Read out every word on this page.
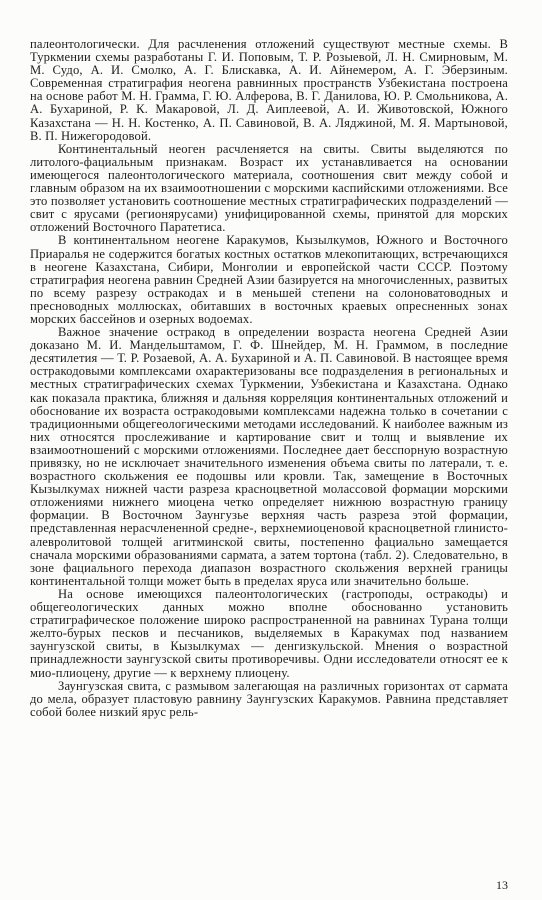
палеонтологически. Для расчленения отложений существуют местные схемы. В Туркмении схемы разработаны Г. И. Поповым, Т. Р. Розыевой, Л. Н. Смирновым, М. М. Судо, А. И. Смолко, А. Г. Блискавка, А. И. Айнемером, А. Г. Эберзиным. Современная стратиграфия неогена равнинных пространств Узбекистана построена на основе работ М. Н. Грамма, Г. Ю. Алферова, В. Г. Данилова, Ю. Р. Смольникова, А. А. Бухариной, Р. К. Макаровой, Л. Д. Аиплеевой, А. И. Животовской, Южного Казахстана — Н. Н. Костенко, А. П. Савиновой, В. А. Ляджиной, М. Я. Мартыновой, В. П. Нижегородовой.

Континентальный неоген расчленяется на свиты. Свиты выделяются по литолого-фациальным признакам. Возраст их устанавливается на основании имеющегося палеонтологического материала, соотношения свит между собой и главным образом на их взаимоотношении с морскими каспийскими отложениями. Все это позволяет установить соотношение местных стратиграфических подразделений — свит с ярусами (регионярусами) унифицированной схемы, принятой для морских отложений Восточного Паратетиса.

В континентальном неогене Каракумов, Кызылкумов, Южного и Восточного Приаралья не содержится богатых костных остатков млекопитающих, встречающихся в неогене Казахстана, Сибири, Монголии и европейской части СССР. Поэтому стратиграфия неогена равнин Средней Азии базируется на многочисленных, развитых по всему разрезу остракодах и в меньшей степени на солоноватоводных и пресноводных моллюсках, обитавших в восточных краевых опресненных зонах морских бассейнов и озерных водоемах.

Важное значение остракод в определении возраста неогена Средней Азии доказано М. И. Мандельштамом, Г. Ф. Шнейдер, М. Н. Граммом, в последние десятилетия — Т. Р. Розаевой, А. А. Бухариной и А. П. Савиновой. В настоящее время остракодовыми комплексами охарактеризованы все подразделения в региональных и местных стратиграфических схемах Туркмении, Узбекистана и Казахстана. Однако как показала практика, ближняя и дальняя корреляция континентальных отложений и обоснование их возраста остракодовыми комплексами надежна только в сочетании с традиционными общегеологическими методами исследований. К наиболее важным из них относятся прослеживание и картирование свит и толщ и выявление их взаимоотношений с морскими отложениями. Последнее дает бесспорную возрастную привязку, но не исключает значительного изменения объема свиты по латерали, т. е. возрастного скольжения ее подошвы или кровли. Так, замещение в Восточных Кызылкумах нижней части разреза красноцветной молассовой формации морскими отложениями нижнего миоцена четко определяет нижнюю возрастную границу формации. В Восточном Заунгузье верхняя часть разреза этой формации, представленная нерасчлененной средне-, верхнемиоценовой красноцветной глинисто-алевролитовой толщей агитминской свиты, постепенно фациально замещается сначала морскими образованиями сармата, а затем тортона (табл. 2). Следовательно, в зоне фациального перехода диапазон возрастного скольжения верхней границы континентальной толщи может быть в пределах яруса или значительно больше.

На основе имеющихся палеонтологических (гастроподы, остракоды) и общегеологических данных можно вполне обоснованно установить стратиграфическое положение широко распространенной на равнинах Турана толщи желто-бурых песков и песчаников, выделяемых в Каракумах под названием заунгузской свиты, в Кызылкумах — денгизкульской. Мнения о возрастной принадлежности заунгузской свиты противоречивы. Одни исследователи относят ее к мио-плиоцену, другие — к верхнему плиоцену.

Заунгузская свита, с размывом залегающая на различных горизонтах от сармата до мела, образует пластовую равнину Заунгузских Каракумов. Равнина представляет собой более низкий ярус рель-

13
